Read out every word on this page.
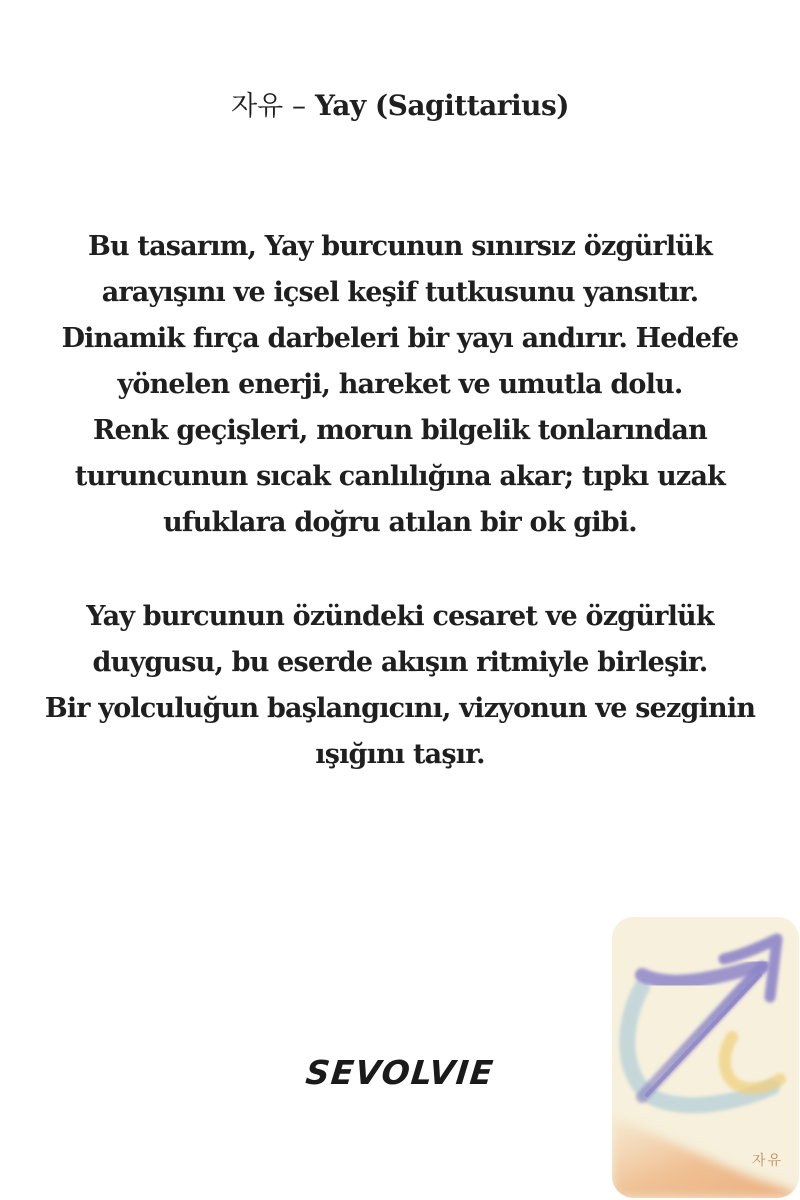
자유 – Yay (Sagittarius)
Bu tasarım, Yay burcunun sınırsız özgürlük
arayışını ve içsel keşif tutkusunu yansıtır.
Dinamik fırça darbeleri bir yayı andırır. Hedefe
yönelen enerji, hareket ve umutla dolu.
Renk geçişleri, morun bilgelik tonlarından
turuncunun sıcak canlılığına akar; tıpkı uzak
ufuklara doğru atılan bir ok gibi.
Yay burcunun özündeki cesaret ve özgürlük
duygusu, bu eserde akışın ritmiyle birleşir.
Bir yolculuğun başlangıcını, vizyonun ve sezginin
ışığını taşır.
SEVOLVIE
자유
